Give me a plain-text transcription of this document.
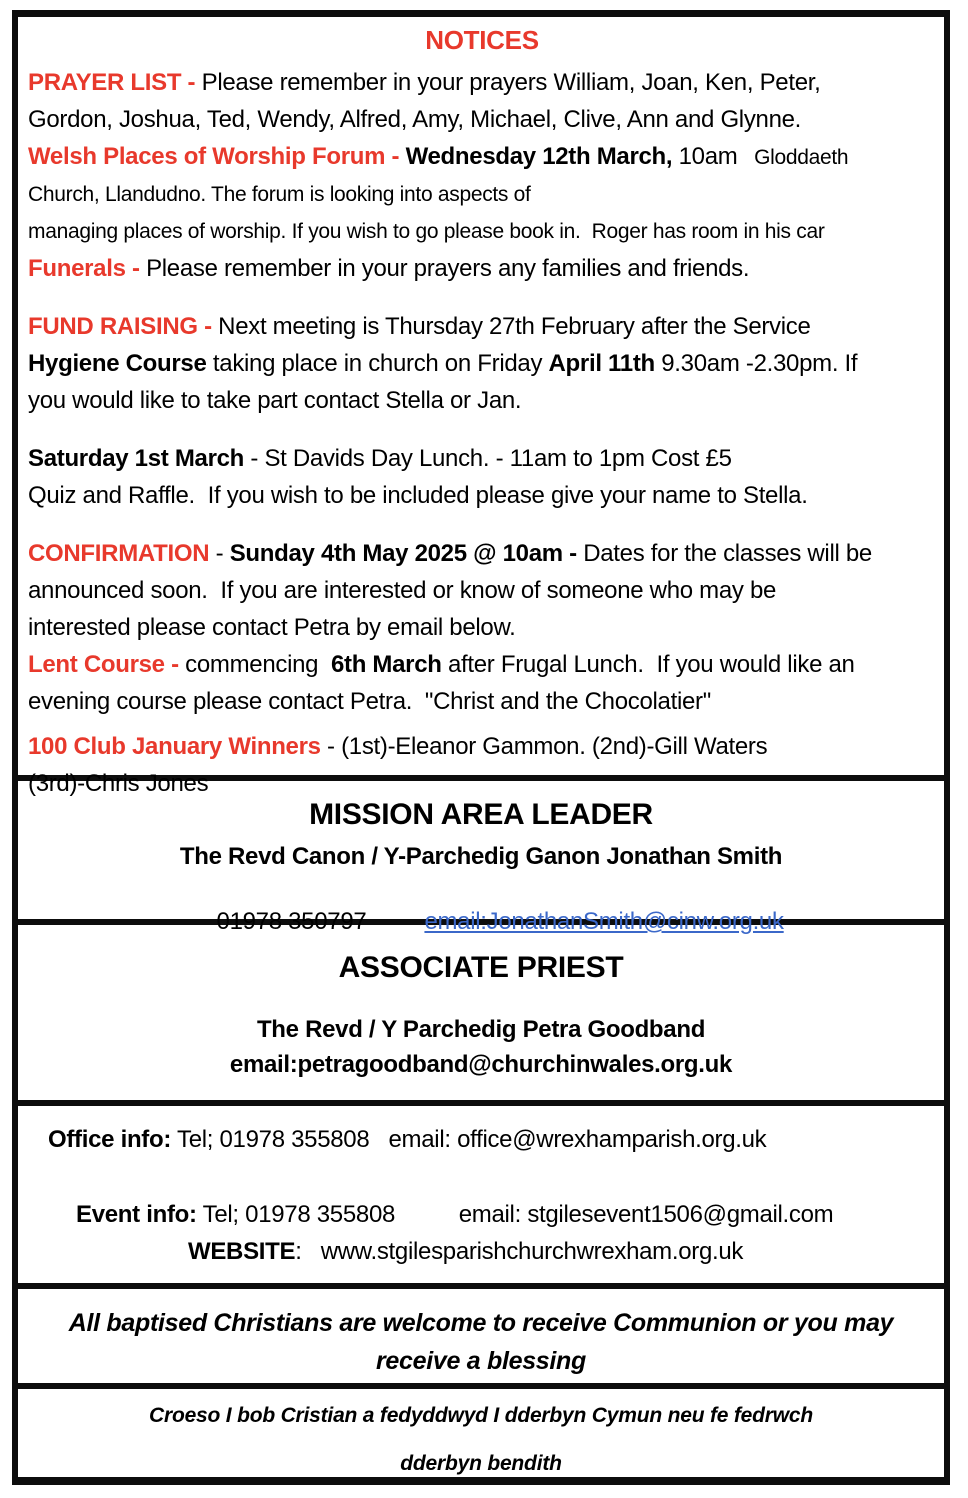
NOTICES
PRAYER LIST - Please remember in your prayers William, Joan, Ken, Peter,
Gordon, Joshua, Ted, Wendy, Alfred, Amy, Michael, Clive, Ann and Glynne.
Welsh Places of Worship Forum - Wednesday 12th March, 10am   Gloddaeth
Church, Llandudno. The forum is looking into aspects of
managing places of worship. If you wish to go please book in.  Roger has room in his car
Funerals - Please remember in your prayers any families and friends.
FUND RAISING - Next meeting is Thursday 27th February after the Service
Hygiene Course taking place in church on Friday April 11th 9.30am -2.30pm. If
you would like to take part contact Stella or Jan.
Saturday 1st March - St Davids Day Lunch. - 11am to 1pm Cost £5
Quiz and Raffle.  If you wish to be included please give your name to Stella.
CONFIRMATION - Sunday 4th May 2025 @ 10am - Dates for the classes will be
announced soon.  If you are interested or know of someone who may be
interested please contact Petra by email below.
Lent Course - commencing  6th March after Frugal Lunch.  If you would like an
evening course please contact Petra.  "Christ and the Chocolatier"
100 Club January Winners - (1st)-Eleanor Gammon. (2nd)-Gill Waters
(3rd)-Chris Jones
MISSION AREA LEADER
The Revd Canon / Y-Parchedig Ganon Jonathan Smith

01978 350797 email:JonathanSmith@cinw.org.uk

ASSOCIATE PRIEST
The Revd / Y Parchedig Petra Goodband
email:petragoodband@churchinwales.org.uk
Office info: Tel; 01978 355808   email: office@wrexhamparish.org.uk
Event info: Tel; 01978 355808          email: stgilesevent1506@gmail.com
WEBSITE:   www.stgilesparishchurchwrexham.org.uk
All baptised Christians are welcome to receive Communion or you may
receive a blessing
Croeso I bob Cristian a fedyddwyd I dderbyn Cymun neu fe fedrwch
dderbyn bendith
